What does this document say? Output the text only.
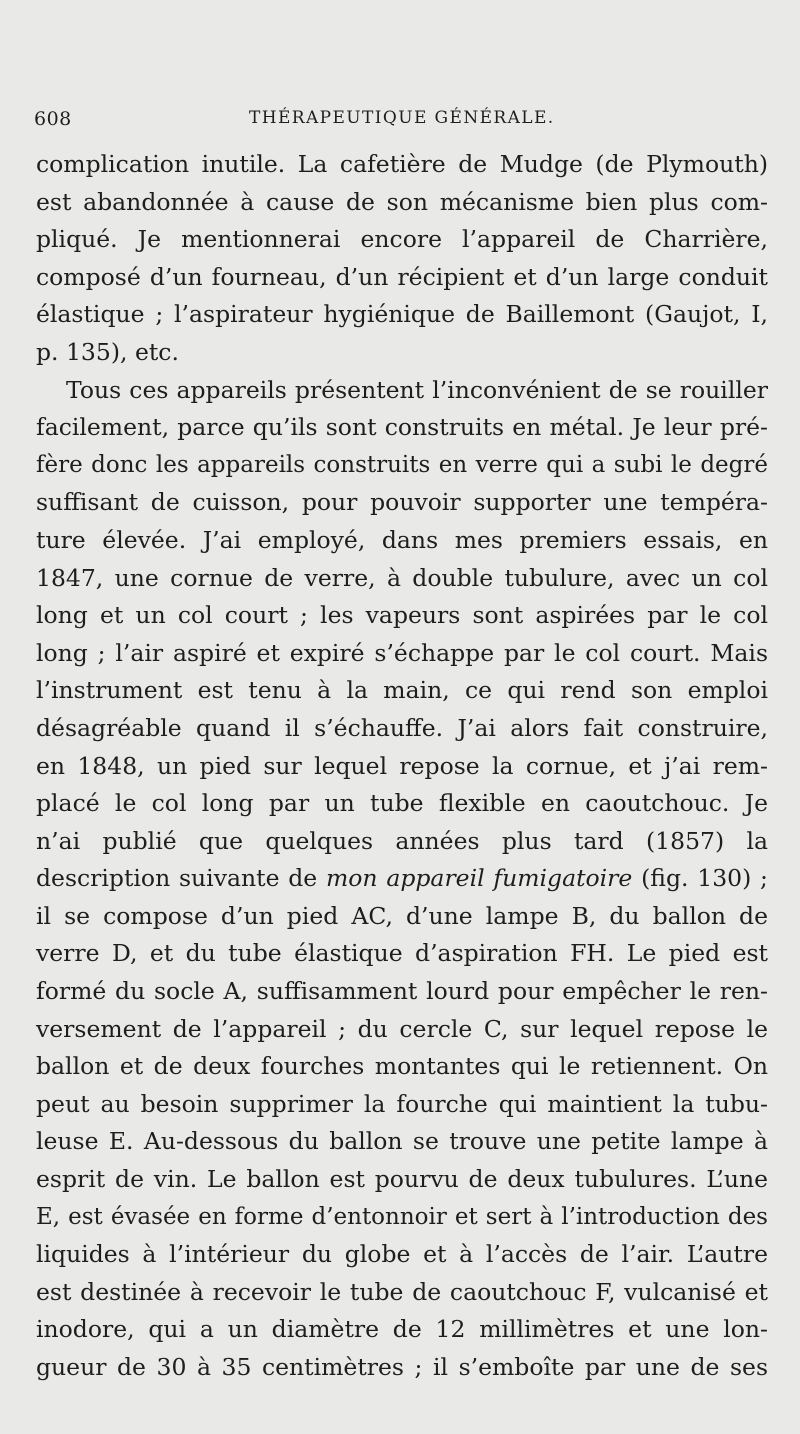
608	THÉRAPEUTIQUE GÉNÉRALE.
complication inutile. La cafetière de Mudge (de Plymouth)
est abandonnée à cause de son mécanisme bien plus com-
pliqué. Je mentionnerai encore l’appareil de Charrière,
composé d’un fourneau, d’un récipient et d’un large conduit
élastique ; l’aspirateur hygiénique de Baillemont (Gaujot, I,
p. 135), etc.
Tous ces appareils présentent l’inconvénient de se rouiller
facilement, parce qu’ils sont construits en métal. Je leur pré-
fère donc les appareils construits en verre qui a subi le degré
suffisant de cuisson, pour pouvoir supporter une tempéra-
ture élevée. J’ai employé, dans mes premiers essais, en
1847, une cornue de verre, à double tubulure, avec un col
long et un col court ; les vapeurs sont aspirées par le col
long ; l’air aspiré et expiré s’échappe par le col court. Mais
l’instrument est tenu à la main, ce qui rend son emploi
désagréable quand il s’échauffe. J’ai alors fait construire,
en 1848, un pied sur lequel repose la cornue, et j’ai rem-
placé le col long par un tube flexible en caoutchouc. Je
n’ai publié que quelques années plus tard (1857) la
description suivante de mon appareil fumigatoire (fig. 130) ;
il se compose d’un pied AC, d’une lampe B, du ballon de
verre D, et du tube élastique d’aspiration FH. Le pied est
formé du socle A, suffisamment lourd pour empêcher le ren-
versement de l’appareil ; du cercle C, sur lequel repose le
ballon et de deux fourches montantes qui le retiennent. On
peut au besoin supprimer la fourche qui maintient la tubu-
leuse E. Au-dessous du ballon se trouve une petite lampe à
esprit de vin. Le ballon est pourvu de deux tubulures. L’une
E, est évasée en forme d’entonnoir et sert à l’introduction des
liquides à l’intérieur du globe et à l’accès de l’air. L’autre
est destinée à recevoir le tube de caoutchouc F, vulcanisé et
inodore, qui a un diamètre de 12 millimètres et une lon-
gueur de 30 à 35 centimètres ; il s’emboîte par une de ses
